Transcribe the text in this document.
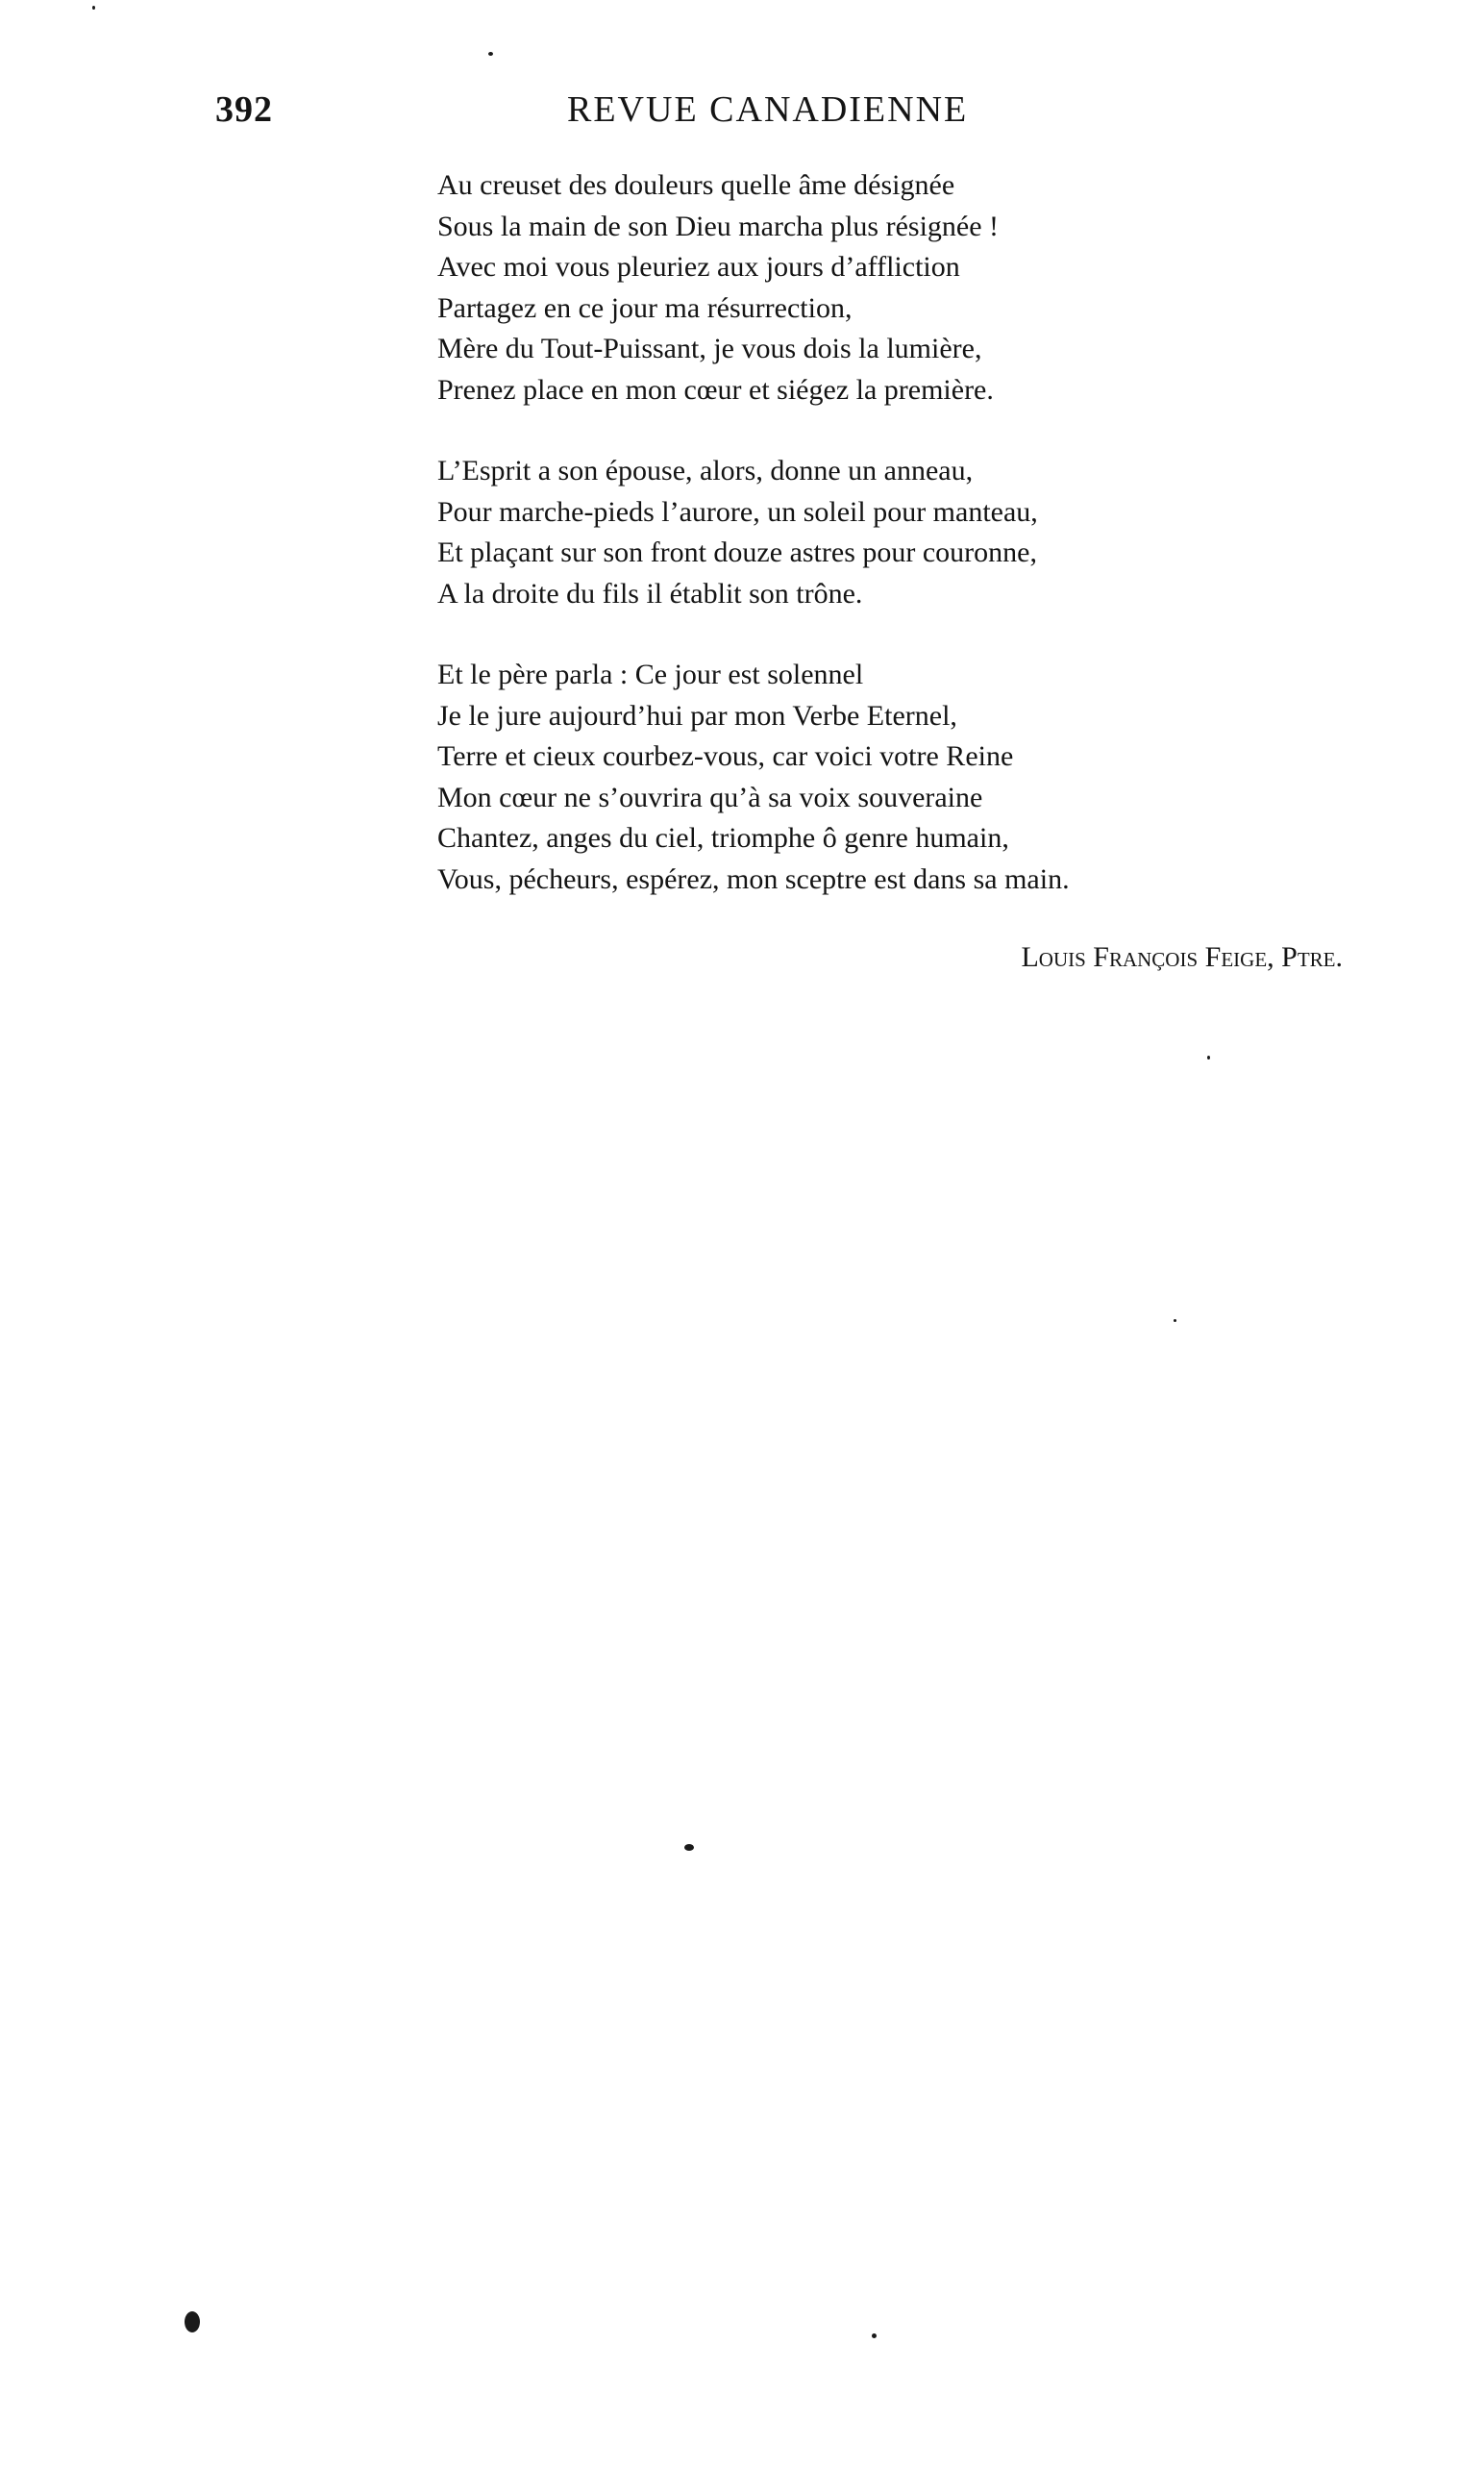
392	REVUE CANADIENNE
Au creuset des douleurs quelle âme désignée
Sous la main de son Dieu marcha plus résignée !
Avec moi vous pleuriez aux jours d’affliction
Partagez en ce jour ma résurrection,
Mère du Tout-Puissant, je vous dois la lumière,
Prenez place en mon cœur et siégez la première.
L’Esprit a son épouse, alors, donne un anneau,
Pour marche-pieds l’aurore, un soleil pour manteau,
Et plaçant sur son front douze astres pour couronne,
A la droite du fils il établit son trône.
Et le père parla : Ce jour est solennel
Je le jure aujourd’hui par mon Verbe Eternel,
Terre et cieux courbez-vous, car voici votre Reine
Mon cœur ne s’ouvrira qu’à sa voix souveraine
Chantez, anges du ciel, triomphe ô genre humain,
Vous, pécheurs, espérez, mon sceptre est dans sa main.
Louis François Feige, Ptre.
